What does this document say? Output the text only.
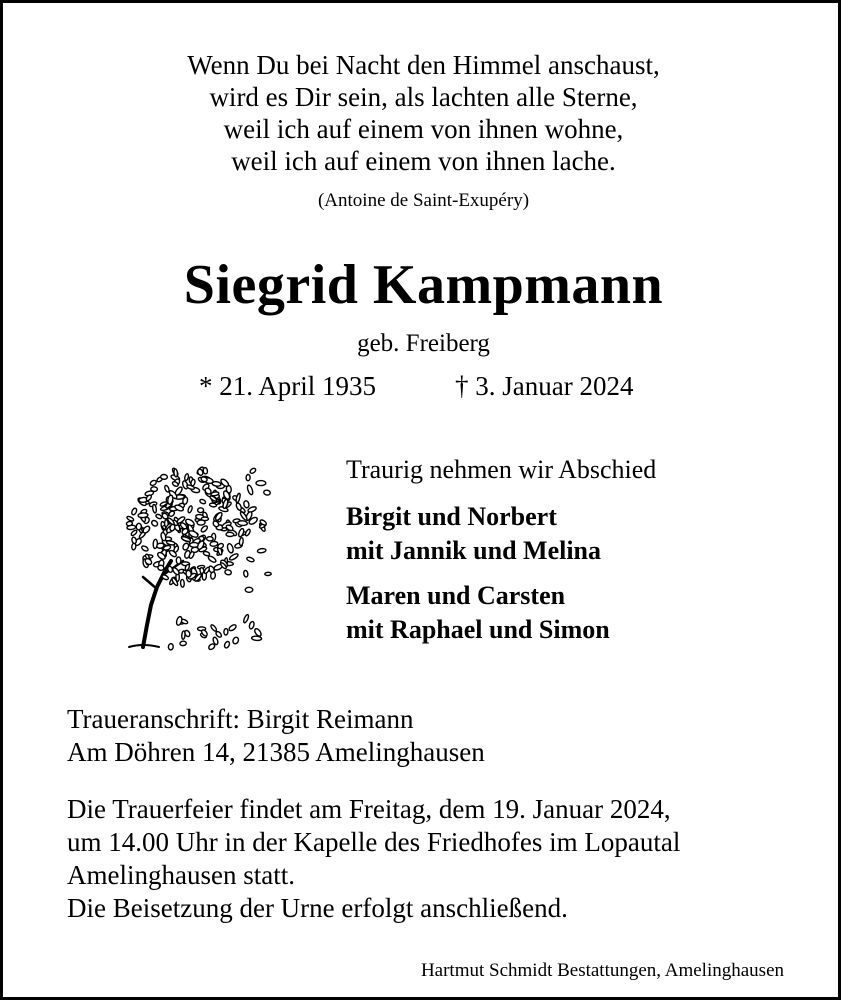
Wenn Du bei Nacht den Himmel anschaust,
wird es Dir sein, als lachten alle Sterne,
weil ich auf einem von ihnen wohne,
weil ich auf einem von ihnen lache.
(Antoine de Saint-Exupéry)
Siegrid Kampmann
geb. Freiberg
* 21. April 1935	† 3. Januar 2024
Traurig nehmen wir Abschied
Birgit und Norbert
mit Jannik und Melina
Maren und Carsten
mit Raphael und Simon
Traueranschrift: Birgit Reimann
Am Döhren 14, 21385 Amelinghausen
Die Trauerfeier findet am Freitag, dem 19. Januar 2024,
um 14.00 Uhr in der Kapelle des Friedhofes im Lopautal
Amelinghausen statt.
Die Beisetzung der Urne erfolgt anschließend.
Hartmut Schmidt Bestattungen, Amelinghausen
